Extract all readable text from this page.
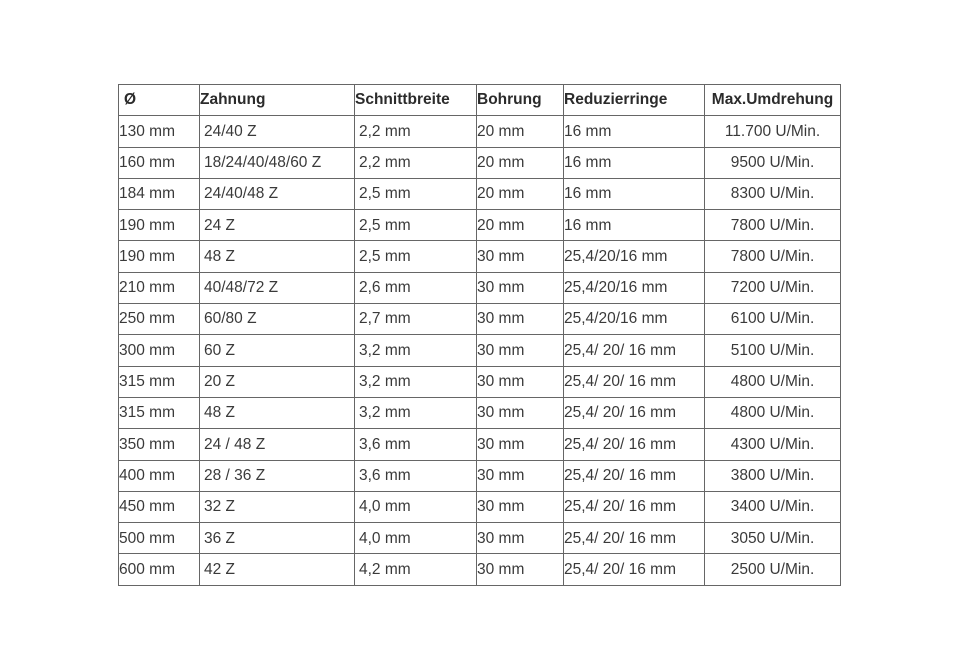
Ø	Zahnung	Schnittbreite	Bohrung	Reduzierringe	Max.Umdrehung
130 mm	24/40 Z	2,2 mm	20 mm	16 mm	11.700 U/Min.
160 mm	18/24/40/48/60 Z	2,2 mm	20 mm	16 mm	9500 U/Min.
184 mm	24/40/48 Z	2,5 mm	20 mm	16 mm	8300 U/Min.
190 mm	24 Z	2,5 mm	20 mm	16 mm	7800 U/Min.
190 mm	48 Z	2,5 mm	30 mm	25,4/20/16 mm	7800 U/Min.
210 mm	40/48/72 Z	2,6 mm	30 mm	25,4/20/16 mm	7200 U/Min.
250 mm	60/80 Z	2,7 mm	30 mm	25,4/20/16 mm	6100 U/Min.
300 mm	60 Z	3,2 mm	30 mm	25,4/ 20/ 16 mm	5100 U/Min.
315 mm	20 Z	3,2 mm	30 mm	25,4/ 20/ 16 mm	4800 U/Min.
315 mm	48 Z	3,2 mm	30 mm	25,4/ 20/ 16 mm	4800 U/Min.
350 mm	24 / 48 Z	3,6 mm	30 mm	25,4/ 20/ 16 mm	4300 U/Min.
400 mm	28 / 36 Z	3,6 mm	30 mm	25,4/ 20/ 16 mm	3800 U/Min.
450 mm	32 Z	4,0 mm	30 mm	25,4/ 20/ 16 mm	3400 U/Min.
500 mm	36 Z	4,0 mm	30 mm	25,4/ 20/ 16 mm	3050 U/Min.
600 mm	42 Z	4,2 mm	30 mm	25,4/ 20/ 16 mm	2500 U/Min.
